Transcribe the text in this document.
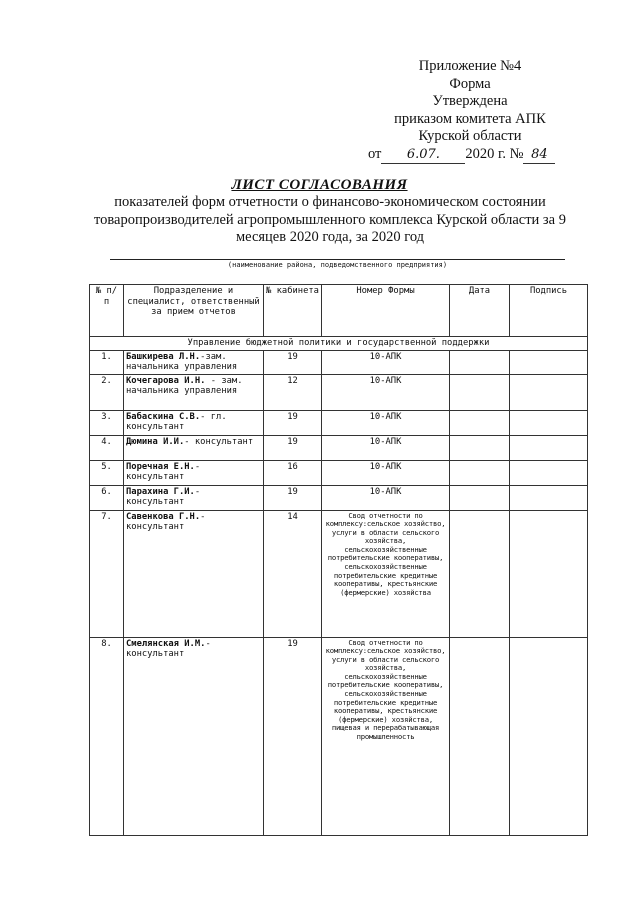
Приложение №4
Форма
Утверждена
приказом комитета АПК
Курской области
от 6.07. 2020 г. № 84
ЛИСТ СОГЛАСОВАНИЯ
показателей форм отчетности о финансово-экономическом состоянии товаропроизводителей агропромышленного комплекса Курской области за 9 месяцев 2020 года, за 2020 год
(наименование района, подведомственного предприятия)
№ п/ п	Подразделение и специалист, ответственный за прием отчетов	№ кабинета	Номер Формы	Дата	Подпись
Управление бюджетной политики и государственной поддержки					
1.	Башкирева Л.Н.-зам. начальника управления	19	10-АПК		
2.	Кочегарова И.Н. - зам. начальника управления	12	10-АПК		
3.	Бабаскина С.В.- гл. консультант	19	10-АПК		
4.	Дюмина И.И.- консультант	19	10-АПК		
5.	Поречная Е.Н.- консультант	16	10-АПК		
6.	Парахина Г.И.- консультант	19	10-АПК		
7.	Савенкова Г.Н.- консультант	14	Свод отчетности по комплексу:сельское хозяйство, услуги в области сельского хозяйства, сельскохозяйственные потребительские кооперативы, сельскохозяйственные потребительские кредитные кооперативы, крестьянские (фермерские) хозяйства		
8.	Смелянская И.М.- консультант	19	Свод отчетности по комплексу:сельское хозяйство, услуги в области сельского хозяйства, сельскохозяйственные потребительские кооперативы, сельскохозяйственные потребительские кредитные кооперативы, крестьянские (фермерские) хозяйства, пищевая и перерабатывающая промышленность		
